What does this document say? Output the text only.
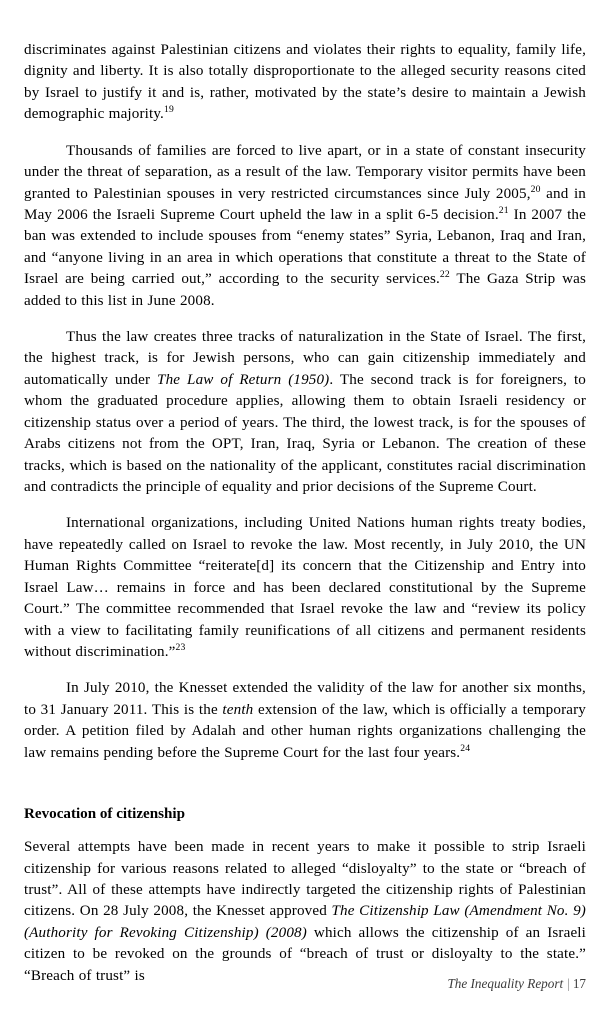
discriminates against Palestinian citizens and violates their rights to equality, family life, dignity and liberty. It is also totally disproportionate to the alleged security reasons cited by Israel to justify it and is, rather, motivated by the state’s desire to maintain a Jewish demographic majority.$^{19}$

Thousands of families are forced to live apart, or in a state of constant insecurity under the threat of separation, as a result of the law. Temporary visitor permits have been granted to Palestinian spouses in very restricted circumstances since July 2005,20 and in May 2006 the Israeli Supreme Court upheld the law in a split 6-5 decision.$^{21}$ In 2007 the ban was extended to include spouses from “enemy states” Syria, Lebanon, Iraq and Iran, and “anyone living in an area in which operations that constitute a threat to the State of Israel are being carried out,” according to the security services.$^{22}$ The Gaza Strip was added to this list in June 2008.

Thus the law creates three tracks of naturalization in the State of Israel. The first, the highest track, is for Jewish persons, who can gain citizenship immediately and automatically under The Law of Return (1950). The second track is for foreigners, to whom the graduated procedure applies, allowing them to obtain Israeli residency or citizenship status over a period of years. The third, the lowest track, is for the spouses of Arabs citizens not from the OPT, Iran, Iraq, Syria or Lebanon. The creation of these tracks, which is based on the nationality of the applicant, constitutes racial discrimination and contradicts the principle of equality and prior decisions of the Supreme Court.

International organizations, including United Nations human rights treaty bodies, have repeatedly called on Israel to revoke the law. Most recently, in July 2010, the UN Human Rights Committee “reiterate[d] its concern that the Citizenship and Entry into Israel Law… remains in force and has been declared constitutional by the Supreme Court.” The committee recommended that Israel revoke the law and “review its policy with a view to facilitating family reunifications of all citizens and permanent residents without discrimination.”$^{23}$

In July 2010, the Knesset extended the validity of the law for another six months, to 31 January 2011. This is the tenth extension of the law, which is officially a temporary order. A petition filed by Adalah and other human rights organizations challenging the law remains pending before the Supreme Court for the last four years.$^{24}$

Revocation of citizenship

Several attempts have been made in recent years to make it possible to strip Israeli citizenship for various reasons related to alleged “disloyalty” to the state or “breach of trust”. All of these attempts have indirectly targeted the citizenship rights of Palestinian citizens. On 28 July 2008, the Knesset approved The Citizenship Law (Amendment No. 9) (Authority for Revoking Citizenship) (2008) which allows the citizenship of an Israeli citizen to be revoked on the grounds of “breach of trust or disloyalty to the state.” “Breach of trust” is	The Inequality Report | 17
